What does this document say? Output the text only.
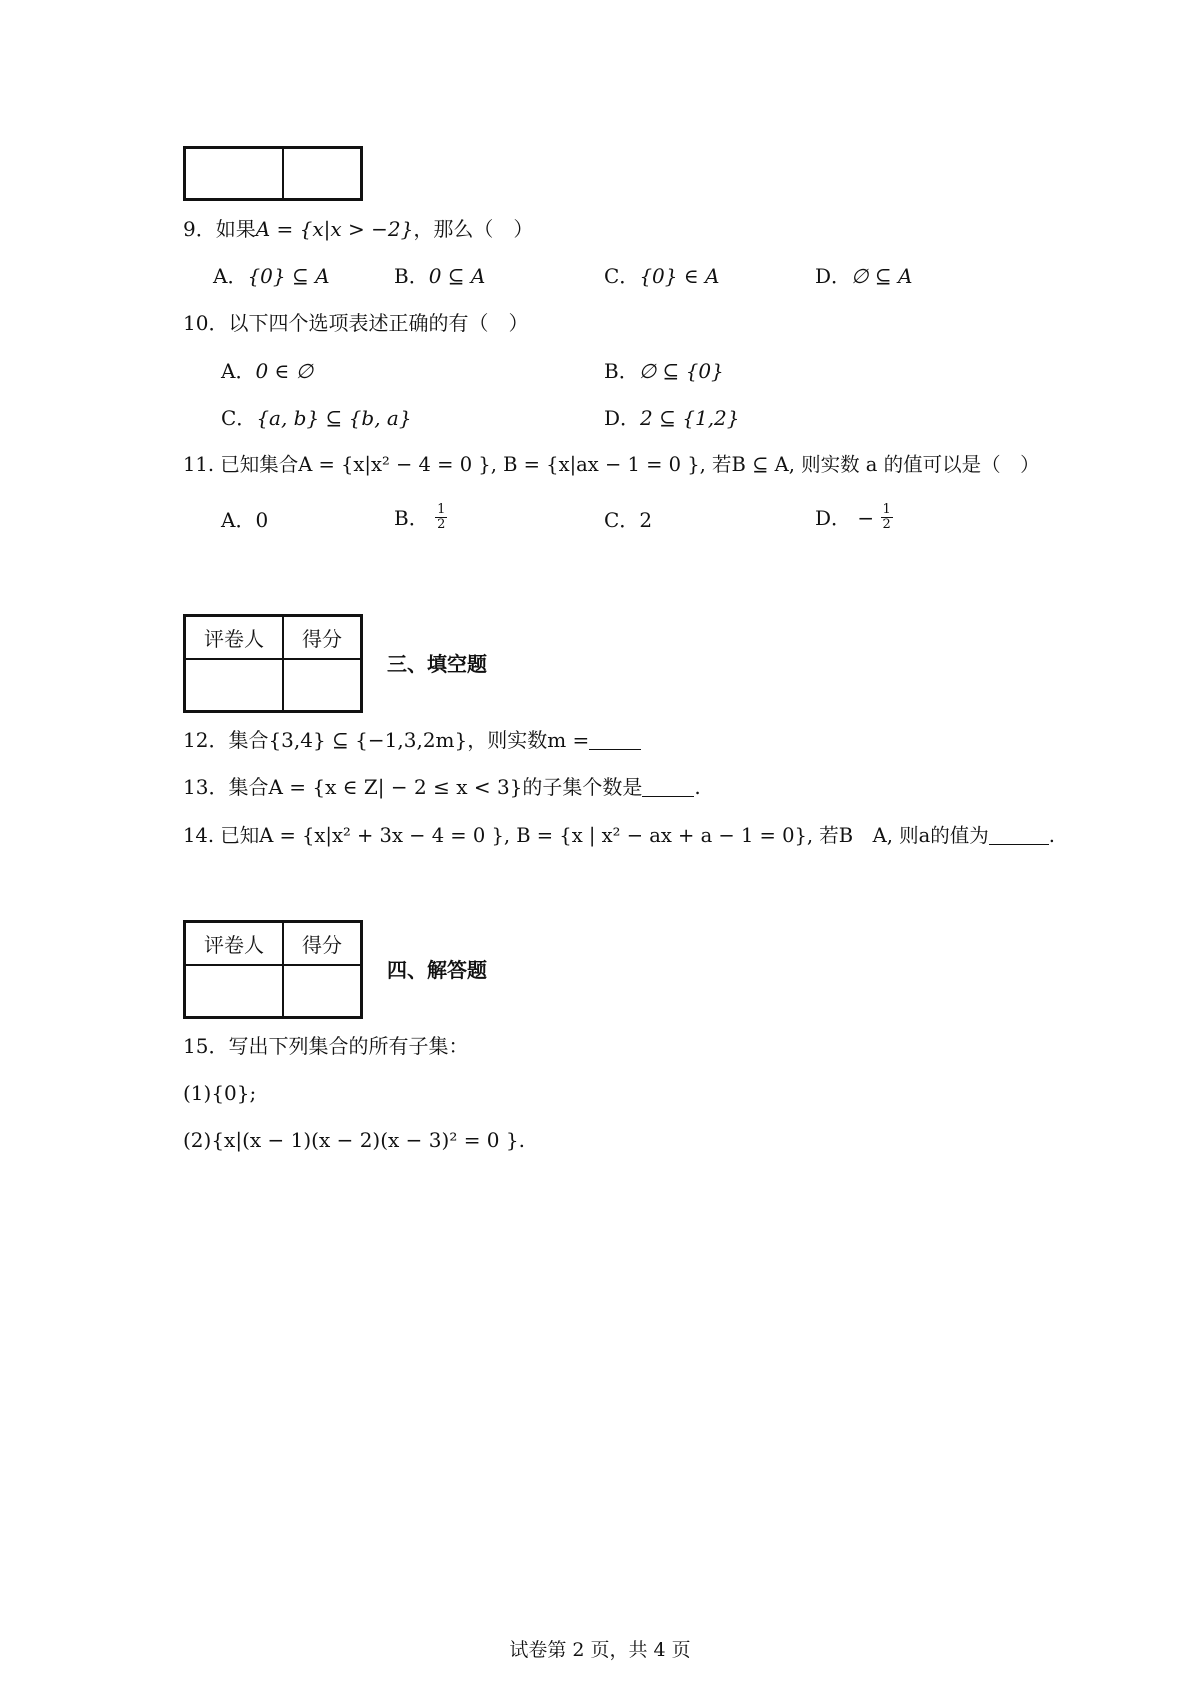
9．如果A = {x|x > −2}，那么（　）
A．{0} ⊆ A	B．0 ⊆ A	C．{0} ∈ A	D．∅ ⊆ A
10．以下四个选项表述正确的有（　）
A．0 ∈ ∅	B．∅ ⊆ {0}
C．{a, b} ⊆ {b, a}	D．2 ⊆ {1,2}
11. 已知集合A = {x|x² − 4 = 0 }, B = {x|ax − 1 = 0 }, 若B ⊆ A, 则实数 a 的值可以是（　）
A．0	B． $\frac{1}{2}$	C．2	D． − $\frac{1}{2}$
评卷人	得分

三、填空题
12．集合{3,4} ⊆ {−1,3,2m}，则实数m =
13．集合A = {x ∈ Z| − 2 ≤ x < 3}的子集个数是	.
14. 已知A = {x|x² + 3x − 4 = 0 }, B = {x | x² − ax + a − 1 = 0}, 若B　A, 则a的值为	.
评卷人	得分

四、解答题
15．写出下列集合的所有子集：
(1){0};
(2){x|(x − 1)(x − 2)(x − 3)² = 0 }.
试卷第 2 页，共 4 页
